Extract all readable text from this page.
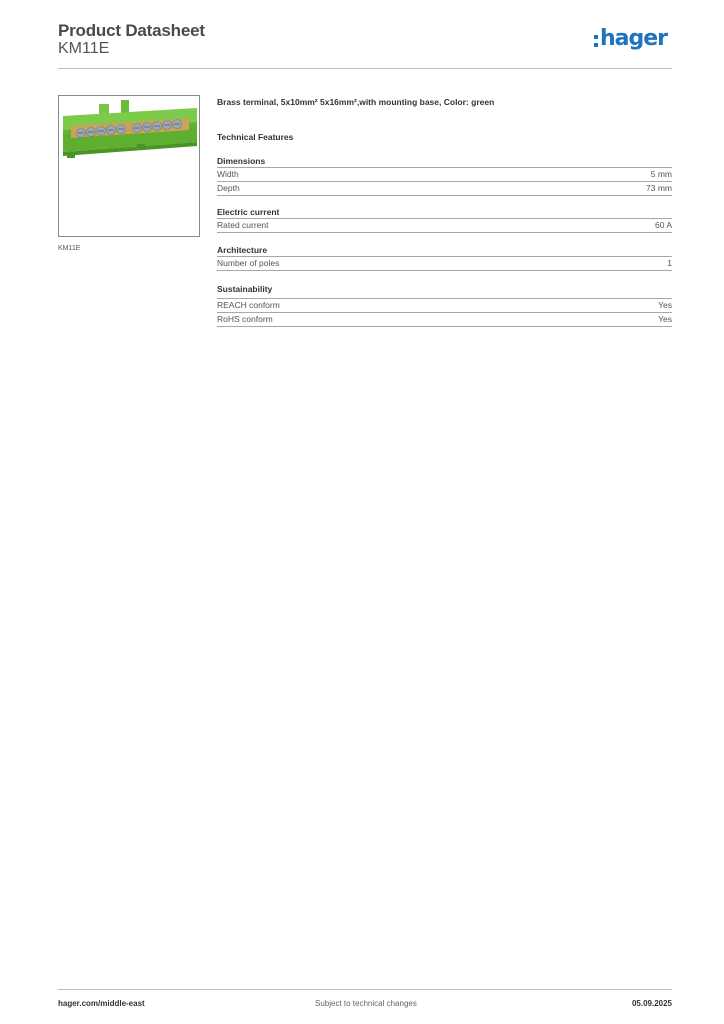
Product Datasheet
KM11E	hager
KM11E
Brass terminal, 5x10mm² 5x16mm²,with mounting base, Color: green
Technical Features
Dimensions
Width	5 mm
Depth	73 mm
Electric current
Rated current	60 A
Architecture
Number of poles	1
Sustainability
REACH conform	Yes
RoHS conform	Yes
hager.com/middle-east	Subject to technical changes	05.09.2025
